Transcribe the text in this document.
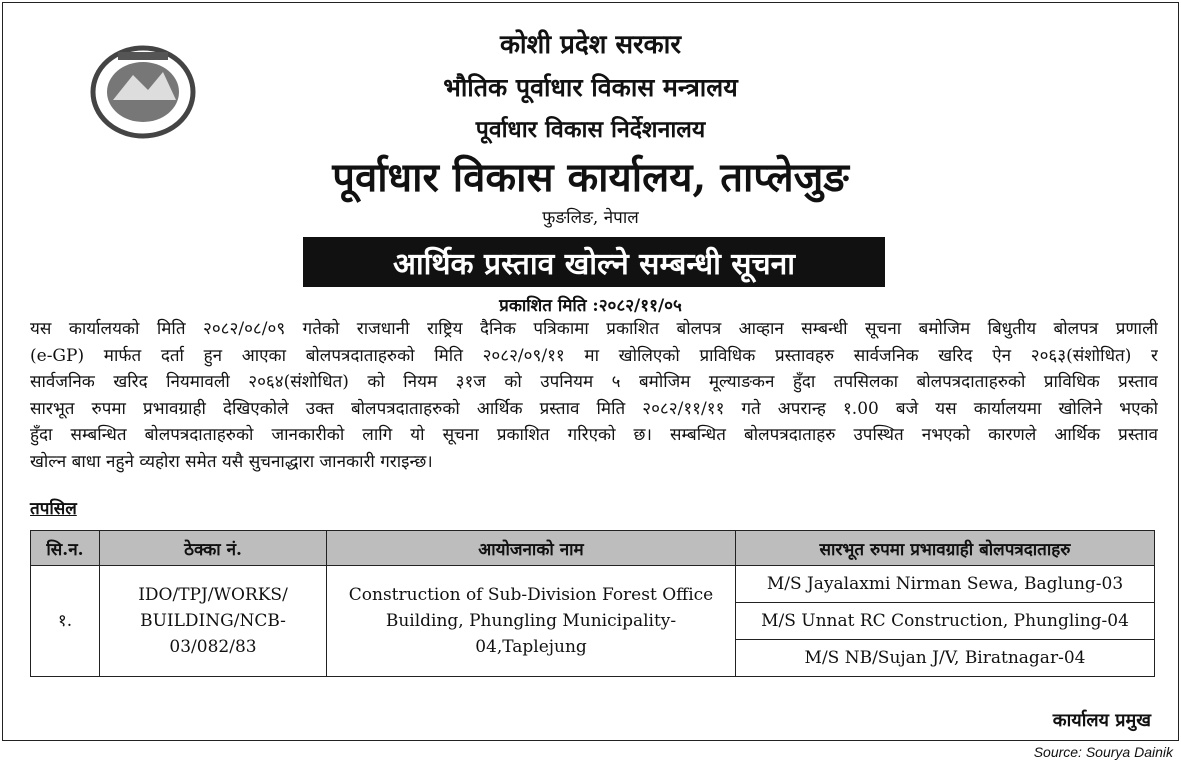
कोशी प्रदेश सरकार
भौतिक पूर्वाधार विकास मन्त्रालय
पूर्वाधार विकास निर्देशनालय
पूर्वाधार विकास कार्यालय, ताप्लेजुङ
फुङलिङ, नेपाल
आर्थिक प्रस्ताव खोल्ने सम्बन्धी सूचना
प्रकाशित मिति :२०८२/११/०५
यस कार्यालयको मिति २०८२/०८/०९ गतेको राजधानी राष्ट्रिय दैनिक पत्रिकामा प्रकाशित बोलपत्र आव्हान सम्बन्धी सूचना बमोजिम बिधुतीय बोलपत्र प्रणाली
(e-GP) मार्फत दर्ता हुन आएका बोलपत्रदाताहरुको मिति २०८२/०९/११ मा खोलिएको प्राविधिक प्रस्तावहरु सार्वजनिक खरिद ऐन २०६३(संशोधित) र
सार्वजनिक खरिद नियमावली २०६४(संशोधित) को नियम ३१ज को उपनियम ५ बमोजिम मूल्याङकन हुँदा तपसिलका बोलपत्रदाताहरुको प्राविधिक प्रस्ताव
सारभूत रुपमा प्रभावग्राही देखिएकोले उक्त बोलपत्रदाताहरुको आर्थिक प्रस्ताव मिति २०८२/११/११ गते अपरान्ह १.00 बजे यस कार्यालयमा खोलिने भएको
हुँदा सम्बन्धित बोलपत्रदाताहरुको जानकारीको लागि यो सूचना प्रकाशित गरिएको छ। सम्बन्धित बोलपत्रदाताहरु उपस्थित नभएको कारणले आर्थिक प्रस्ताव
खोल्न बाधा नहुने व्यहोरा समेत यसै सुचनाद्धारा जानकारी गराइन्छ।
तपसिल
सि.न.	ठेक्का नं.	आयोजनाको नाम	सारभूत रुपमा प्रभावग्राही बोलपत्रदाताहरु
१.	IDO/TPJ/WORKS/ BUILDING/NCB- 03/082/83	Construction of Sub-Division Forest Office Building, Phungling Municipality-04,Taplejung	M/S Jayalaxmi Nirman Sewa, Baglung-03
			M/S Unnat RC Construction, Phungling-04
			M/S NB/Sujan J/V, Biratnagar-04
कार्यालय प्रमुख
Source: Sourya Dainik
